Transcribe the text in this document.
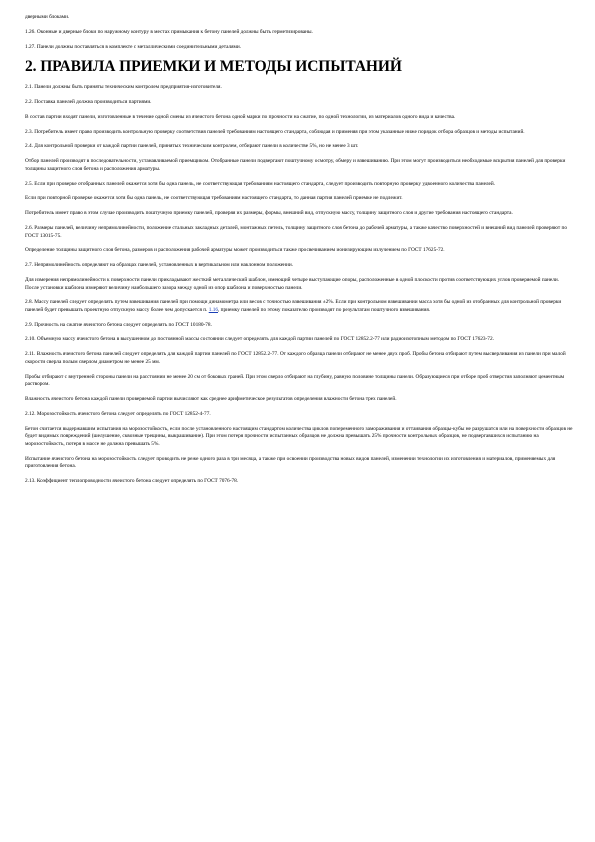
дверными блоками.

1.26. Оконные и дверные блоки по наружному контуру в местах примыкания к бетону панелей должны быть герметизированы.

1.27. Панели должны поставляться в комплекте с металлическими соединительными деталями.

2. ПРАВИЛА ПРИЕМКИ И МЕТОДЫ ИСПЫТАНИЙ

2.1. Панели должны быть приняты техническим контролем предприятия-изготовителя.

2.2. Поставка панелей должна производиться партиями.

В состав партии входят панели, изготовленные в течение одной смены из ячеистого бетона одной марки по прочности на сжатие, по одной технологии, из материалов одного вида и качества.

2.3. Потребитель имеет право производить контрольную проверку соответствия панелей требованиям настоящего стандарта, соблюдая и применяя при этом указанные ниже порядок отбора образцов и методы испытаний.

2.4. Для контрольной проверки от каждой партии панелей, принятых техническим контролем, отбирают панели в количестве 5%, но не менее 3 шт.

Отбор панелей производят в последовательности, устанавливаемой приемщиком. Отобранные панели подвергают поштучному осмотру, обмеру и взвешиванию. При этом могут производиться необходимые вскрытия панелей для проверки толщины защитного слоя бетона и расположения арматуры.

2.5. Если при проверке отобранных панелей окажется хотя бы одна панель, не соответствующая требованиям настоящего стандарта, следует производить повторную проверку удвоенного количества панелей.

Если при повторной проверке окажется хотя бы одна панель, не соответствующая требованиям настоящего стандарта, то данная партия панелей приемке не подлежит.

Потребитель имеет право в этом случае производить поштучную приемку панелей, проверяя их размеры, формы, внешний вид, отпускную массу, толщину защитного слоя и другие требования настоящего стандарта.

2.6. Размеры панелей, величину непрямолинейности, положение стальных закладных деталей, монтажных петель, толщину защитного слоя бетона до рабочей арматуры, а также качество поверхностей и внешний вид панелей проверяют по ГОСТ 13015-75.

Определение толщины защитного слоя бетона, размеров и расположения рабочей арматуры может производиться также просвечиванием ионизирующим излучением по ГОСТ 17625-72.

2.7. Непрямолинейность определяют на образцах панелей, установленных в вертикальном или наклонном положении.

Для измерения непрямолинейности к поверхности панели прикладывают жесткий металлический шаблон, имеющий четыре выступающие опоры, расположенные в одной плоскости против соответствующих углов проверяемой панели. После установки шаблона измеряют величину наибольшего зазора между одной из опор шаблона и поверхностью панели.

2.8. Массу панелей следует определять путем взвешивания панелей при помощи динамометра или весов с точностью взвешивания ±2%. Если при контрольном взвешивании масса хотя бы одной из отобранных для контрольной проверки панелей будет превышать проектную отпускную массу более чем допускается п. 1.16, приемку панелей по этому показателю производят по результатам поштучного взвешивания.

2.9. Прочность на сжатие ячеистого бетона следует определять по ГОСТ 10180-78.

2.10. Объемную массу ячеистого бетона в высушенном до постоянной массы состоянии следует определять для каждой партии панелей по ГОСТ 12852.2-77 или радиоизотопным методом по ГОСТ 17623-72.

2.11. Влажность ячеистого бетона панелей следует определять для каждой партии панелей по ГОСТ 12852.2-77. От каждого образца панели отбирают не менее двух проб. Пробы бетона отбирают путем высверливания из панели при малой скорости сверла полым сверлом диаметром не менее 25 мм.

Пробы отбирают с внутренней стороны панели на расстоянии не менее 20 см от боковых граней. При этом сверло отбирают на глубину, равную половине толщины панели. Образующиеся при отборе проб отверстия заполняют цементным раствором.

Влажность ячеистого бетона каждой панели проверяемой партии вычисляют как среднее арифметическое результатов определения влажности бетона трех панелей.

2.12. Морозостойкость ячеистого бетона следует определять по ГОСТ 12852-4-77.

Бетон считается выдержавшим испытания на морозостойкость, если после установленного настоящим стандартом количества циклов попеременного замораживания и оттаивания образцы-кубы не разрушатся или на поверхности образцов не будет видимых повреждений (шелушение, сквозные трещины, выкрашивание). При этом потеря прочности испытанных образцов не должна превышать 25% прочности контрольных образцов, не подвергавшихся испытанию на морозостойкость, потеря в массе не должна превышать 5%.

Испытание ячеистого бетона на морозостойкость следует проводить не реже одного раза в три месяца, а также при освоении производства новых видов панелей, изменении технологии их изготовления и материалов, применяемых для приготовления бетона.

2.13. Коэффициент теплопроводности ячеистого бетона следует определять по ГОСТ 7076-78.
